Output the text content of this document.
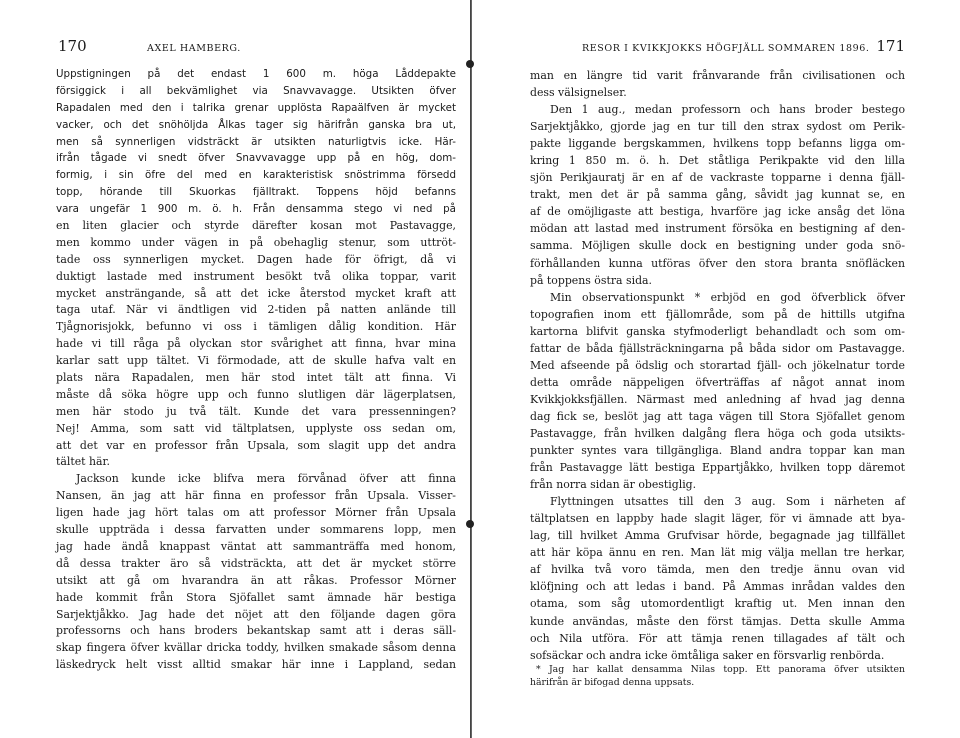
170	AXEL HAMBERG.
Uppstigningen på det endast 1 600 m. höga Låddepakte
försiggick i all bekvämlighet via Snavvavagge. Utsikten öfver
Rapadalen med den i talrika grenar upplösta Rapaälfven är mycket
vacker, och det snöhöljda Ålkas tager sig härifrån ganska bra ut,
men så synnerligen vidsträckt är utsikten naturligtvis icke. Här-
ifrån tågade vi snedt öfver Snavvavagge upp på en hög, dom-
formig, i sin öfre del med en karakteristisk snöstrimma försedd
topp, hörande till Skuorkas fjälltrakt. Toppens höjd befanns
vara ungefär 1 900 m. ö. h. Från densamma stego vi ned på
en liten glacier och styrde därefter kosan mot Pastavagge,
men kommo under vägen in på obehaglig stenur, som uttröt-
tade oss synnerligen mycket. Dagen hade för öfrigt, då vi
duktigt lastade med instrument besökt två olika toppar, varit
mycket ansträngande, så att det icke återstod mycket kraft att
taga utaf. När vi ändtligen vid 2-tiden på natten anlände till
Tjågnorisjokk, befunno vi oss i tämligen dålig kondition. Här
hade vi till råga på olyckan stor svårighet att finna, hvar mina
karlar satt upp tältet. Vi förmodade, att de skulle hafva valt en
plats nära Rapadalen, men här stod intet tält att finna. Vi
måste då söka högre upp och funno slutligen där lägerplatsen,
men här stodo ju två tält. Kunde det vara pressenningen?
Nej! Amma, som satt vid tältplatsen, upplyste oss sedan om,
att det var en professor från Upsala, som slagit upp det andra
tältet här.
Jackson kunde icke blifva mera förvånad öfver att finna
Nansen, än jag att här finna en professor från Upsala. Visser-
ligen hade jag hört talas om att professor Mörner från Upsala
skulle uppträda i dessa farvatten under sommarens lopp, men
jag hade ändå knappast väntat att sammanträffa med honom,
då dessa trakter äro så vidsträckta, att det är mycket större
utsikt att gå om hvarandra än att råkas. Professor Mörner
hade kommit från Stora Sjöfallet samt ämnade här bestiga
Sarjektjåkko. Jag hade det nöjet att den följande dagen göra
professorns och hans broders bekantskap samt att i deras säll-
skap fingera öfver kvällar dricka toddy, hvilken smakade såsom denna
läskedryck helt visst alltid smakar här inne i Lappland, sedan
RESOR I KVIKKJOKKS HÖGFJÄLL SOMMAREN 1896. 171
man en längre tid varit frånvarande från civilisationen och
dess välsignelser.
Den 1 aug., medan professorn och hans broder bestego
Sarjektjåkko, gjorde jag en tur till den strax sydost om Perik-
pakte liggande bergskammen, hvilkens topp befanns ligga om-
kring 1 850 m. ö. h. Det ståtliga Perikpakte vid den lilla
sjön Perikjauratj är en af de vackraste topparne i denna fjäll-
trakt, men det är på samma gång, såvidt jag kunnat se, en
af de omöjligaste att bestiga, hvarföre jag icke ansåg det löna
mödan att lastad med instrument försöka en bestigning af den-
samma. Möjligen skulle dock en bestigning under goda snö-
förhållanden kunna utföras öfver den stora branta snöfläcken
på toppens östra sida.
Min observationspunkt * erbjöd en god öfverblick öfver
topografien inom ett fjällområde, som på de hittills utgifna
kartorna blifvit ganska styfmoderligt behandladt och som om-
fattar de båda fjällsträckningarna på båda sidor om Pastavagge.
Med afseende på ödslig och storartad fjäll- och jökelnatur torde
detta område näppeligen öfverträffas af något annat inom
Kvikkjokksfjällen. Närmast med anledning af hvad jag denna
dag fick se, beslöt jag att taga vägen till Stora Sjöfallet genom
Pastavagge, från hvilken dalgång flera höga och goda utsikts-
punkter syntes vara tillgängliga. Bland andra toppar kan man
från Pastavagge lätt bestiga Eppartjåkko, hvilken topp däremot
från norra sidan är obestiglig.
Flyttningen utsattes till den 3 aug. Som i närheten af
tältplatsen en lappby hade slagit läger, för vi ämnade att bya-
lag, till hvilket Amma Grufvisar hörde, begagnade jag tillfället
att här köpa ännu en ren. Man lät mig välja mellan tre herkar,
af hvilka två voro tämda, men den tredje ännu ovan vid
klöfjning och att ledas i band. På Ammas inrådan valdes den
otama, som såg utomordentligt kraftig ut. Men innan den
kunde användas, måste den först tämjas. Detta skulle Amma
och Nila utföra. För att tämja renen tillagades af tält och
sofsäckar och andra icke ömtåliga saker en försvarlig renbörda.
* Jag har kallat densamma Nilas topp. Ett panorama öfver utsikten
härifrån är bifogad denna uppsats.
